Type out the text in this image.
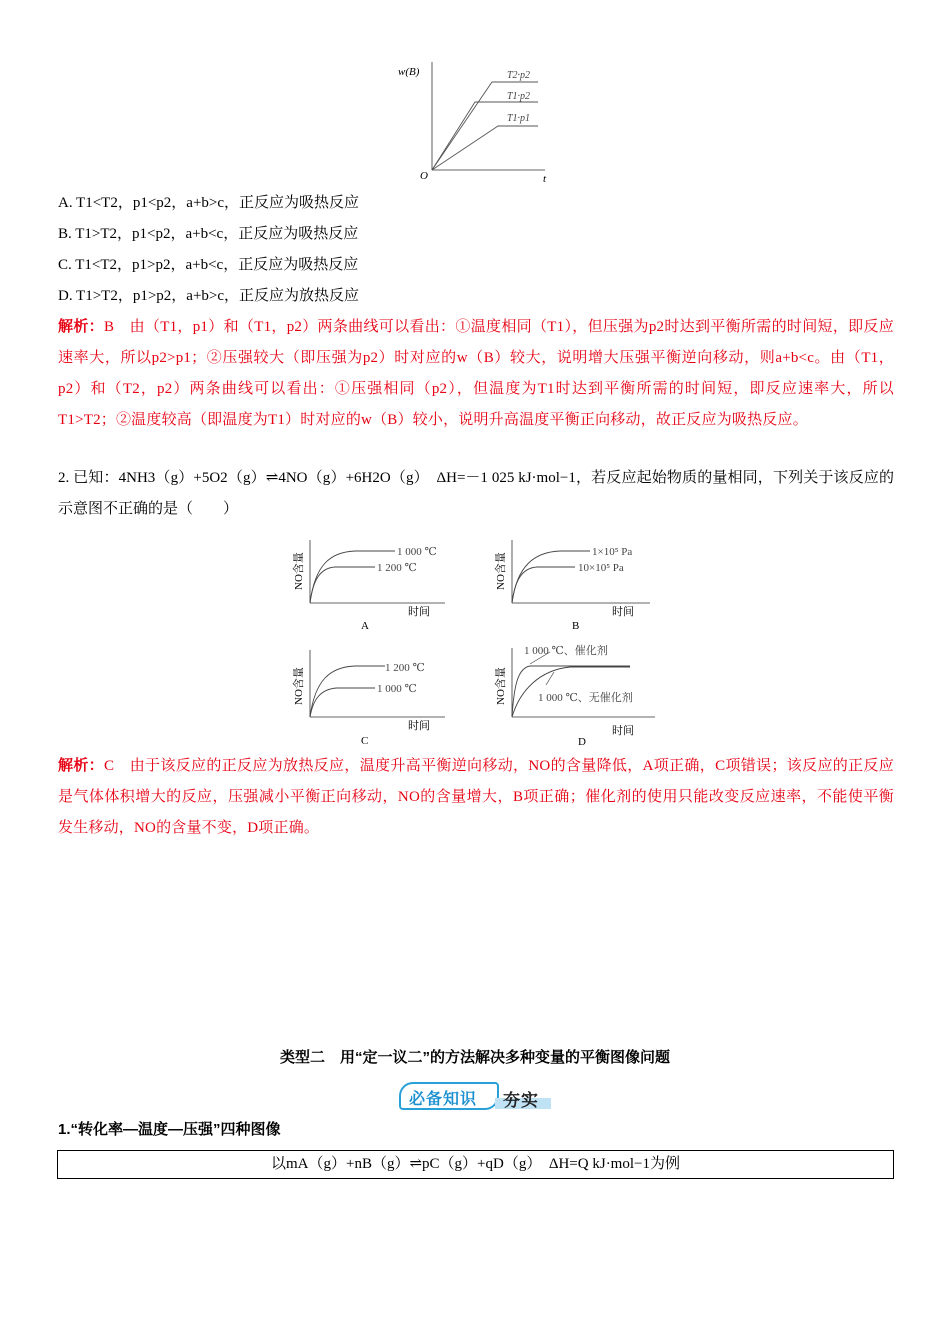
w(B)
O	t
T2·p2
T1·p2
T1·p1
A. T1<T2，p1<p2，a+b>c，正反应为吸热反应
B. T1>T2，p1<p2，a+b<c，正反应为吸热反应
C. T1<T2，p1>p2，a+b<c，正反应为吸热反应
D. T1>T2，p1>p2，a+b>c，正反应为放热反应
解析：B　 由（T1，p1）和（T1，p2）两条曲线可以看出：①温度相同（T1），但压强为p2时达到平衡所需的时间短，即反应速率大，所以p2>p1；②压强较大（即压强为p2）时对应的w（B）较大，说明增大压强平衡逆向移动，则a+b<c。由（T1，p2）和（T2，p2）两条曲线可以看出：①压强相同（p2），但温度为T1时达到平衡所需的时间短，即反应速率大，所以T1>T2；②温度较高（即温度为T1）时对应的w（B）较小，说明升高温度平衡正向移动，故正反应为吸热反应。
2. 已知：4NH3（g）+5O2（g）⇌4NO（g）+6H2O（g）　ΔH=－1 025 kJ·mol−1，若反应起始物质的量相同，下列关于该反应的示意图不正确的是（　　）
NO含量
时间
1 000 ℃
1 200 ℃
A
NO含量
时间
1×10⁵ Pa
10×10⁵ Pa
B
NO含量
时间
1 200 ℃
1 000 ℃
C
NO含量
时间
1 000 ℃、催化剂
1 000 ℃、无催化剂
D
解析：C　 由于该反应的正反应为放热反应，温度升高平衡逆向移动，NO的含量降低，A项正确，C项错误；该反应的正反应是气体体积增大的反应，压强减小平衡正向移动，NO的含量增大，B项正确；催化剂的使用只能改变反应速率，不能使平衡发生移动，NO的含量不变，D项正确。
类型二　用“定一议二”的方法解决多种变量的平衡图像问题
必备知识 夯实
1.“转化率—温度—压强”四种图像
以mA（g）+nB（g）⇌pC（g）+qD（g）　ΔH=Q kJ·mol−1为例
